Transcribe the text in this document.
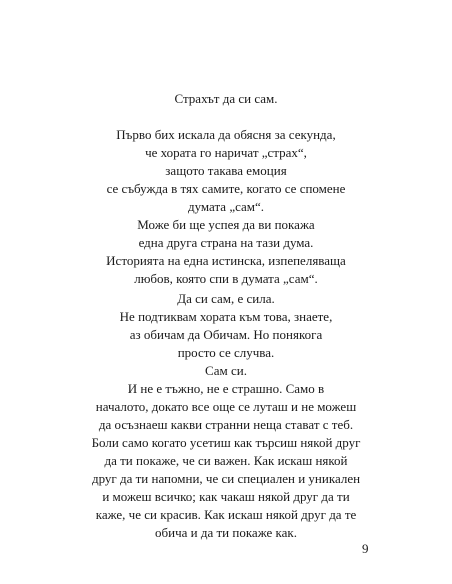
Страхът да си сам.
Първо бих искала да обясня за секунда,
че хората го наричат „страх“,
защото такава емоция
се събужда в тях самите, когато се спомене
думата „сам“.
Може би ще успея да ви покажа
една друга страна на тази дума.
Историята на една истинска, изпепеляваща
любов, която спи в думата „сам“.
Да си сам, е сила.
Не подтиквам хората към това, знаете,
аз обичам да Обичам. Но понякога
просто се случва.
Сам си.
И не е тъжно, не е страшно. Само в
началото, докато все още се луташ и не можеш
да осъзнаеш какви странни неща стават с теб.
Боли само когато усетиш как търсиш някой друг
да ти покаже, че си важен. Как искаш някой
друг да ти напомни, че си специален и уникален
и можеш всичко; как чакаш някой друг да ти
каже, че си красив. Как искаш някой друг да те
обича и да ти покаже как.
9
